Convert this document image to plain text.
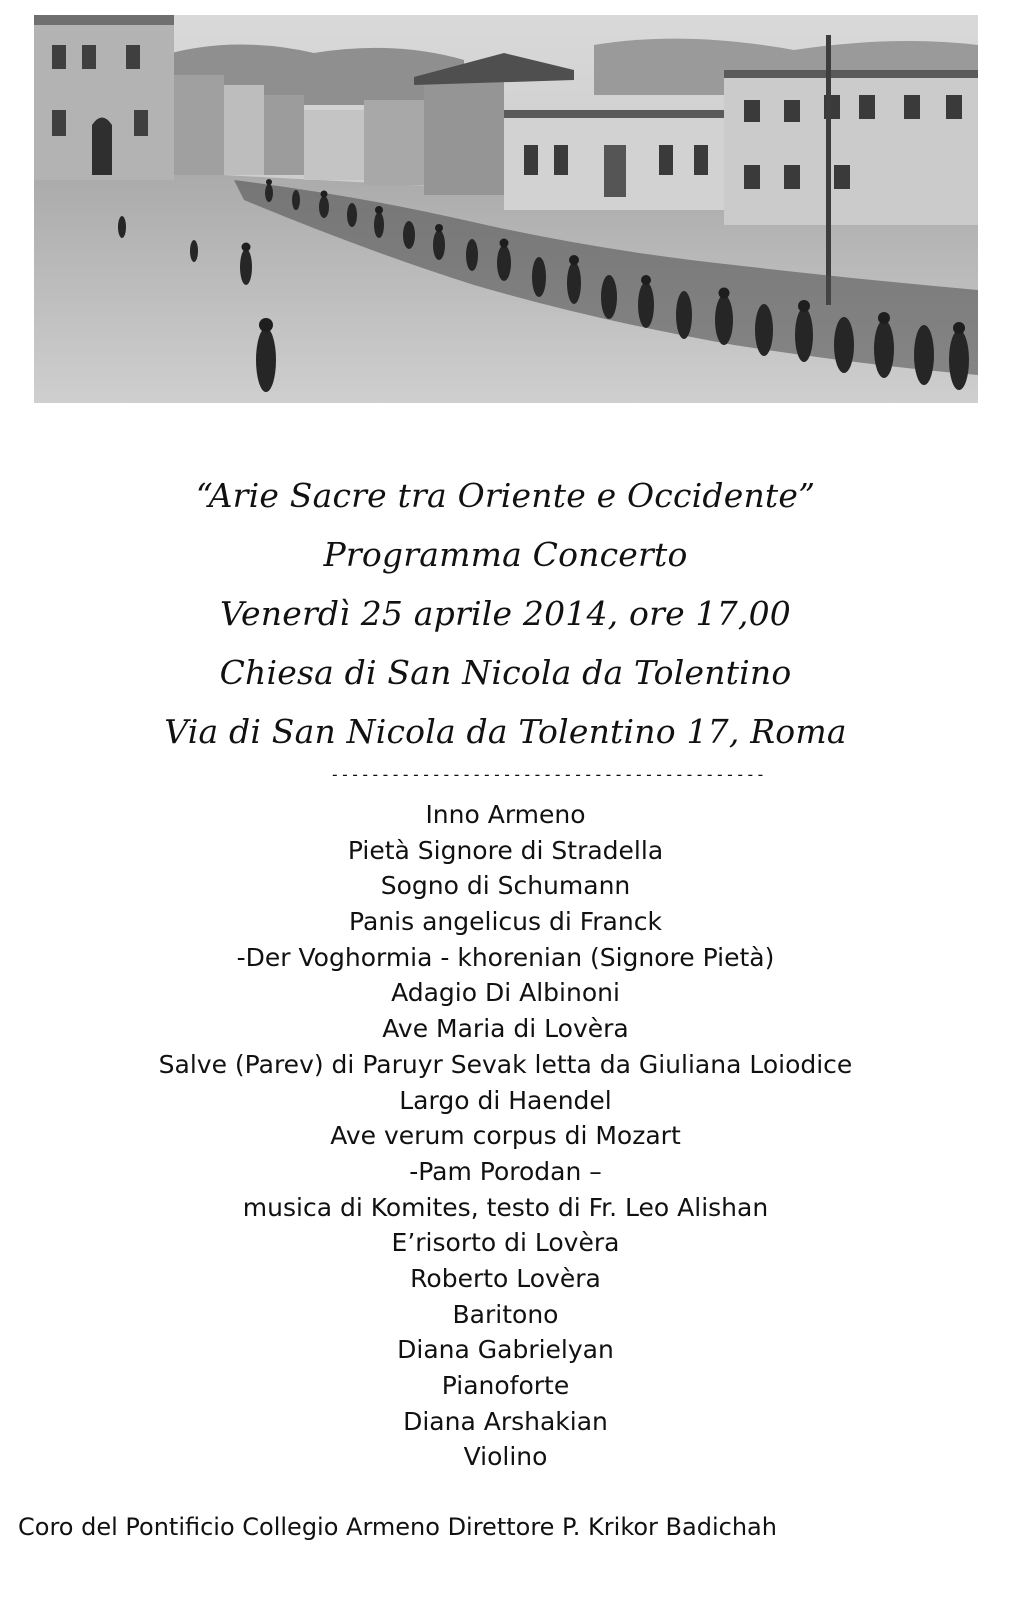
“Arie Sacre tra Oriente e Occidente”
Programma Concerto
Venerdì 25 aprile 2014, ore 17,00
Chiesa di San Nicola da Tolentino
Via di San Nicola da Tolentino 17, Roma
-------------------------------------------
Inno Armeno
Pietà Signore di Stradella
Sogno di Schumann
Panis angelicus di Franck
-Der Voghormia - khorenian (Signore Pietà)
Adagio Di Albinoni
Ave Maria di Lovèra
Salve (Parev) di Paruyr Sevak letta da Giuliana Loiodice
Largo di Haendel
Ave verum corpus di Mozart
-Pam Porodan –
musica di Komites, testo di Fr. Leo Alishan
E’risorto di Lovèra
Roberto Lovèra
Baritono
Diana Gabrielyan
Pianoforte
Diana Arshakian
Violino
Coro del Pontificio Collegio Armeno Direttore P. Krikor Badichah
